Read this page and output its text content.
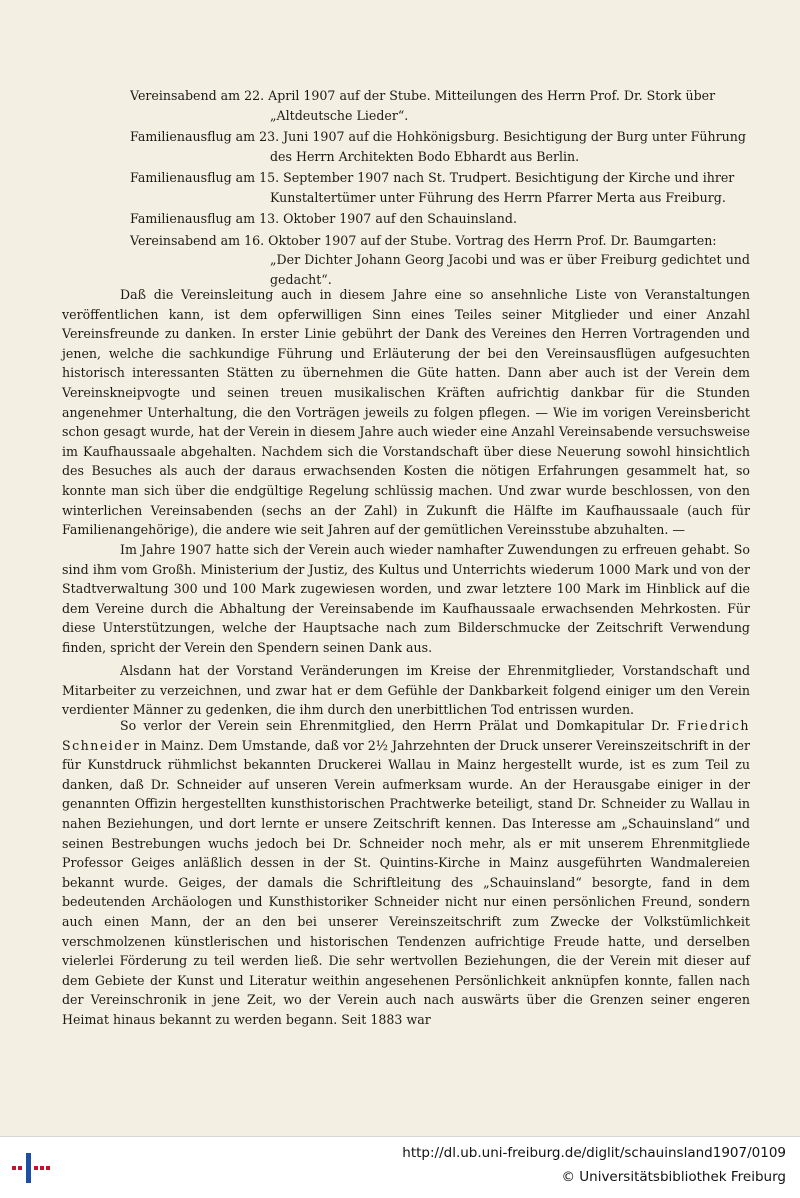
Vereinsabend am 22. April 1907 auf der Stube. Mitteilungen des Herrn Prof. Dr. Stork über
„Altdeutsche Lieder“.
Familienausflug am 23. Juni 1907 auf die Hohkönigsburg. Besichtigung der Burg unter Führung
des Herrn Architekten Bodo Ebhardt aus Berlin.
Familienausflug am 15. September 1907 nach St. Trudpert. Besichtigung der Kirche und ihrer
Kunstaltertümer unter Führung des Herrn Pfarrer Merta aus Freiburg.
Familienausflug am 13. Oktober 1907 auf den Schauinsland.
Vereinsabend am 16. Oktober 1907 auf der Stube. Vortrag des Herrn Prof. Dr. Baumgarten:
„Der Dichter Johann Georg Jacobi und was er über Freiburg gedichtet und gedacht“.

Daß die Vereinsleitung auch in diesem Jahre eine so ansehnliche Liste von Veranstaltungen veröffentlichen kann, ist dem opferwilligen Sinn eines Teiles seiner Mitglieder und einer Anzahl Vereinsfreunde zu danken. In erster Linie gebührt der Dank des Vereines den Herren Vortragenden und jenen, welche die sachkundige Führung und Erläuterung der bei den Vereinsausflügen aufgesuchten historisch interessanten Stätten zu übernehmen die Güte hatten. Dann aber auch ist der Verein dem Vereinskneipvogte und seinen treuen musikalischen Kräften aufrichtig dankbar für die Stunden angenehmer Unterhaltung, die den Vorträgen jeweils zu folgen pflegen. — Wie im vorigen Vereinsbericht schon gesagt wurde, hat der Verein in diesem Jahre auch wieder eine Anzahl Vereinsabende versuchsweise im Kaufhaussaale abgehalten. Nachdem sich die Vorstandschaft über diese Neuerung sowohl hinsichtlich des Besuches als auch der daraus erwachsenden Kosten die nötigen Erfahrungen gesammelt hat, so konnte man sich über die endgültige Regelung schlüssig machen. Und zwar wurde beschlossen, von den winterlichen Vereinsabenden (sechs an der Zahl) in Zukunft die Hälfte im Kaufhaussaale (auch für Familienangehörige), die andere wie seit Jahren auf der gemütlichen Vereinsstube abzuhalten. —

Im Jahre 1907 hatte sich der Verein auch wieder namhafter Zuwendungen zu erfreuen gehabt. So sind ihm vom Großh. Ministerium der Justiz, des Kultus und Unterrichts wiederum 1000 Mark und von der Stadtverwaltung 300 und 100 Mark zugewiesen worden, und zwar letztere 100 Mark im Hinblick auf die dem Vereine durch die Abhaltung der Vereinsabende im Kaufhaussaale erwachsenden Mehrkosten. Für diese Unterstützungen, welche der Hauptsache nach zum Bilderschmucke der Zeitschrift Verwendung finden, spricht der Verein den Spendern seinen Dank aus.

Alsdann hat der Vorstand Veränderungen im Kreise der Ehrenmitglieder, Vorstandschaft und Mitarbeiter zu verzeichnen, und zwar hat er dem Gefühle der Dankbarkeit folgend einiger um den Verein verdienter Männer zu gedenken, die ihm durch den unerbittlichen Tod entrissen wurden.

So verlor der Verein sein Ehrenmitglied, den Herrn Prälat und Domkapitular Dr. Friedrich Schneider in Mainz. Dem Umstande, daß vor 2½ Jahrzehnten der Druck unserer Vereinszeitschrift in der für Kunstdruck rühmlichst bekannten Druckerei Wallau in Mainz hergestellt wurde, ist es zum Teil zu danken, daß Dr. Schneider auf unseren Verein aufmerksam wurde. An der Herausgabe einiger in der genannten Offizin hergestellten kunsthistorischen Prachtwerke beteiligt, stand Dr. Schneider zu Wallau in nahen Beziehungen, und dort lernte er unsere Zeitschrift kennen. Das Interesse am „Schauinsland“ und seinen Bestrebungen wuchs jedoch bei Dr. Schneider noch mehr, als er mit unserem Ehrenmitgliede Professor Geiges anläßlich dessen in der St. Quintins-Kirche in Mainz ausgeführten Wandmalereien bekannt wurde. Geiges, der damals die Schriftleitung des „Schauinsland“ besorgte, fand in dem bedeutenden Archäologen und Kunsthistoriker Schneider nicht nur einen persönlichen Freund, sondern auch einen Mann, der an den bei unserer Vereinszeitschrift zum Zwecke der Volkstümlichkeit verschmolzenen künstlerischen und historischen Tendenzen aufrichtige Freude hatte, und derselben vielerlei Förderung zu teil werden ließ. Die sehr wertvollen Beziehungen, die der Verein mit dieser auf dem Gebiete der Kunst und Literatur weithin angesehenen Persönlichkeit anknüpfen konnte, fallen nach der Vereinschronik in jene Zeit, wo der Verein auch nach auswärts über die Grenzen seiner engeren Heimat hinaus bekannt zu werden begann. Seit 1883 war

http://dl.ub.uni-freiburg.de/diglit/schauinsland1907/0109
© Universitätsbibliothek Freiburg
